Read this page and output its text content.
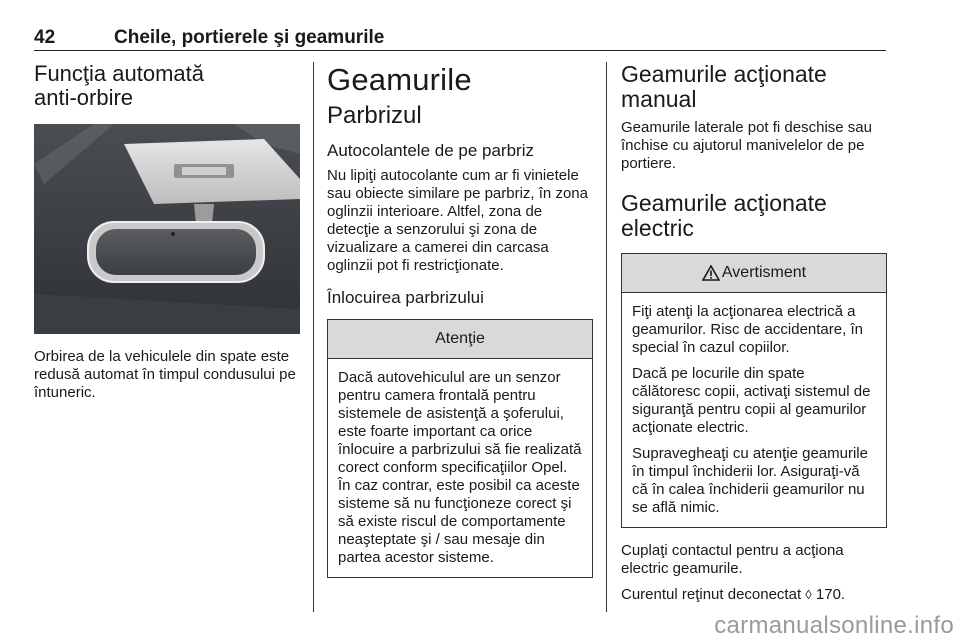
42	Cheile, portierele şi geamurile
Funcţia automată
anti-orbire

Orbirea de la vehiculele din spate este redusă automat în timpul condusului pe întuneric.

Geamurile
Parbrizul
Autocolantele de pe parbriz

Nu lipiţi autocolante cum ar fi vinietele sau obiecte similare pe parbriz, în zona oglinzii interioare. Altfel, zona de detecţie a senzorului şi zona de vizualizare a camerei din carcasa oglinzii pot fi restricţionate.

Înlocuirea parbrizului
Atenţie

Dacă autovehiculul are un senzor pentru camera frontală pentru sistemele de asistenţă a şoferului, este foarte important ca orice înlocuire a parbrizului să fie realizată corect conform specificaţiilor Opel. În caz contrar, este posibil ca aceste sisteme să nu funcţioneze corect şi să existe riscul de comportamente neaşteptate şi / sau mesaje din partea acestor sisteme.

Geamurile acţionate
manual

Geamurile laterale pot fi deschise sau închise cu ajutorul manivelelor de pe portiere.

Geamurile acţionate electric
Avertisment

Fiţi atenţi la acţionarea electrică a geamurilor. Risc de accidentare, în special în cazul copiilor.

Dacă pe locurile din spate călătoresc copii, activaţi sistemul de siguranţă pentru copii al geamurilor acţionate electric.

Supravegheaţi cu atenţie geamurile în timpul închiderii lor. Asiguraţi-vă că în calea închiderii geamurilor nu se află nimic.

Cuplaţi contactul pentru a acţiona electric geamurile.

Curentul reţinut deconectat ◊ 170.

carmanualsonline.info
